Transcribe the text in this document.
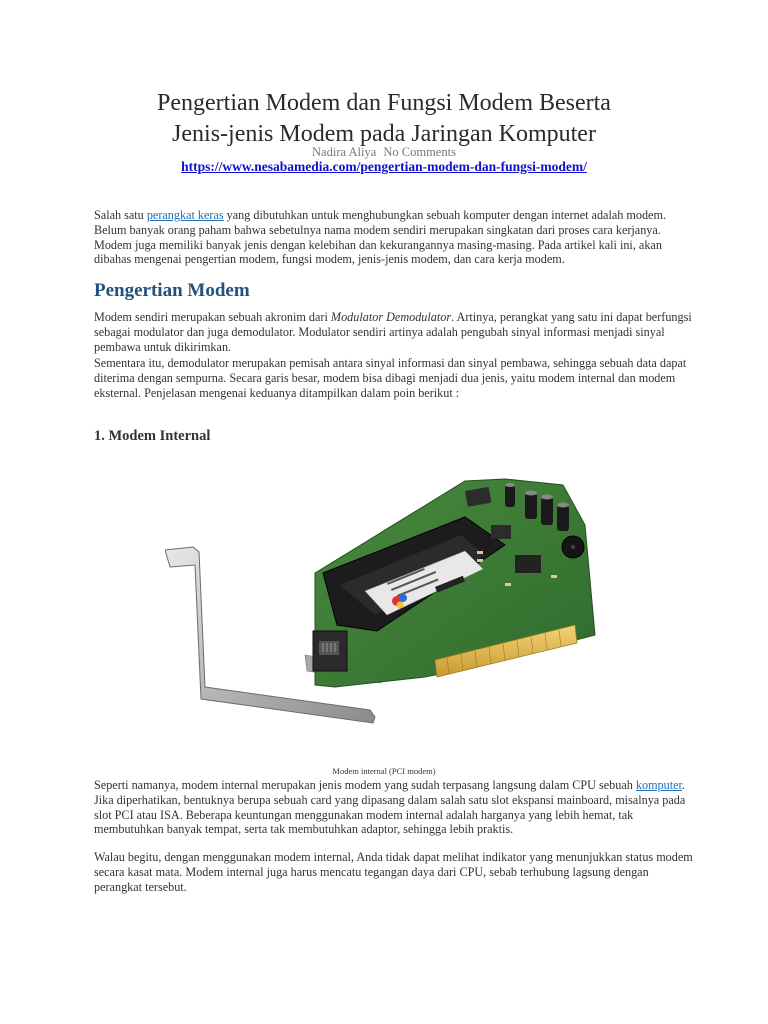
Pengertian Modem dan Fungsi Modem Beserta
Jenis-jenis Modem pada Jaringan Komputer
Nadira Aliya No Comments
https://www.nesabamedia.com/pengertian-modem-dan-fungsi-modem/

Salah satu perangkat keras yang dibutuhkan untuk menghubungkan sebuah komputer dengan internet adalah modem. Belum banyak orang paham bahwa sebetulnya nama modem sendiri merupakan singkatan dari proses cara kerjanya. Modem juga memiliki banyak jenis dengan kelebihan dan kekurangannya masing-masing. Pada artikel kali ini, akan dibahas mengenai pengertian modem, fungsi modem, jenis-jenis modem, dan cara kerja modem.

Pengertian Modem

Modem sendiri merupakan sebuah akronim dari Modulator Demodulator. Artinya, perangkat yang satu ini dapat berfungsi sebagai modulator dan juga demodulator. Modulator sendiri artinya adalah pengubah sinyal informasi menjadi sinyal pembawa untuk dikirimkan.

Sementara itu, demodulator merupakan pemisah antara sinyal informasi dan sinyal pembawa, sehingga sebuah data dapat diterima dengan sempurna. Secara garis besar, modem bisa dibagi menjadi dua jenis, yaitu modem internal dan modem eksternal. Penjelasan mengenai keduanya ditampilkan dalam poin berikut :

1. Modem Internal
Modem internal (PCI modem)

Seperti namanya, modem internal merupakan jenis modem yang sudah terpasang langsung dalam CPU sebuah komputer. Jika diperhatikan, bentuknya berupa sebuah card yang dipasang dalam salah satu slot ekspansi mainboard, misalnya pada slot PCI atau ISA. Beberapa keuntungan menggunakan modem internal adalah harganya yang lebih hemat, tak membutuhkan banyak tempat, serta tak membutuhkan adaptor, sehingga lebih praktis.

Walau begitu, dengan menggunakan modem internal, Anda tidak dapat melihat indikator yang menunjukkan status modem secara kasat mata. Modem internal juga harus mencatu tegangan daya dari CPU, sebab terhubung lagsung dengan perangkat tersebut.
